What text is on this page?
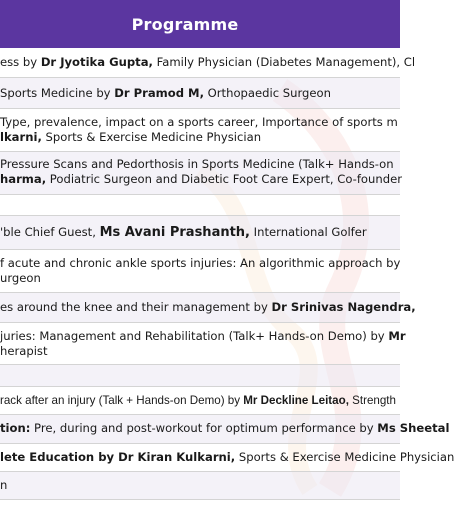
Programme
ess by Dr Jyotika Gupta, Family Physician (Diabetes Management), Cl
Sports Medicine by Dr Pramod M, Orthopaedic Surgeon
Type, prevalence, impact on a sports career, Importance of sports m
lkarni, Sports & Exercise Medicine Physician
Pressure Scans and Pedorthosis in Sports Medicine (Talk+ Hands-on
harma, Podiatric Surgeon and Diabetic Foot Care Expert, Co-founder
'ble Chief Guest, Ms Avani Prashanth, International Golfer
f acute and chronic ankle sports injuries: An algorithmic approach by
urgeon
es around the knee and their management by Dr Srinivas Nagendra,
juries: Management and Rehabilitation (Talk+ Hands-on Demo) by Mr
herapist
rack after an injury (Talk + Hands-on Demo) by Mr Deckline Leitao, Strength
tion: Pre, during and post-workout for optimum performance by Ms Sheetal
lete Education by Dr Kiran Kulkarni, Sports & Exercise Medicine Physician
n
